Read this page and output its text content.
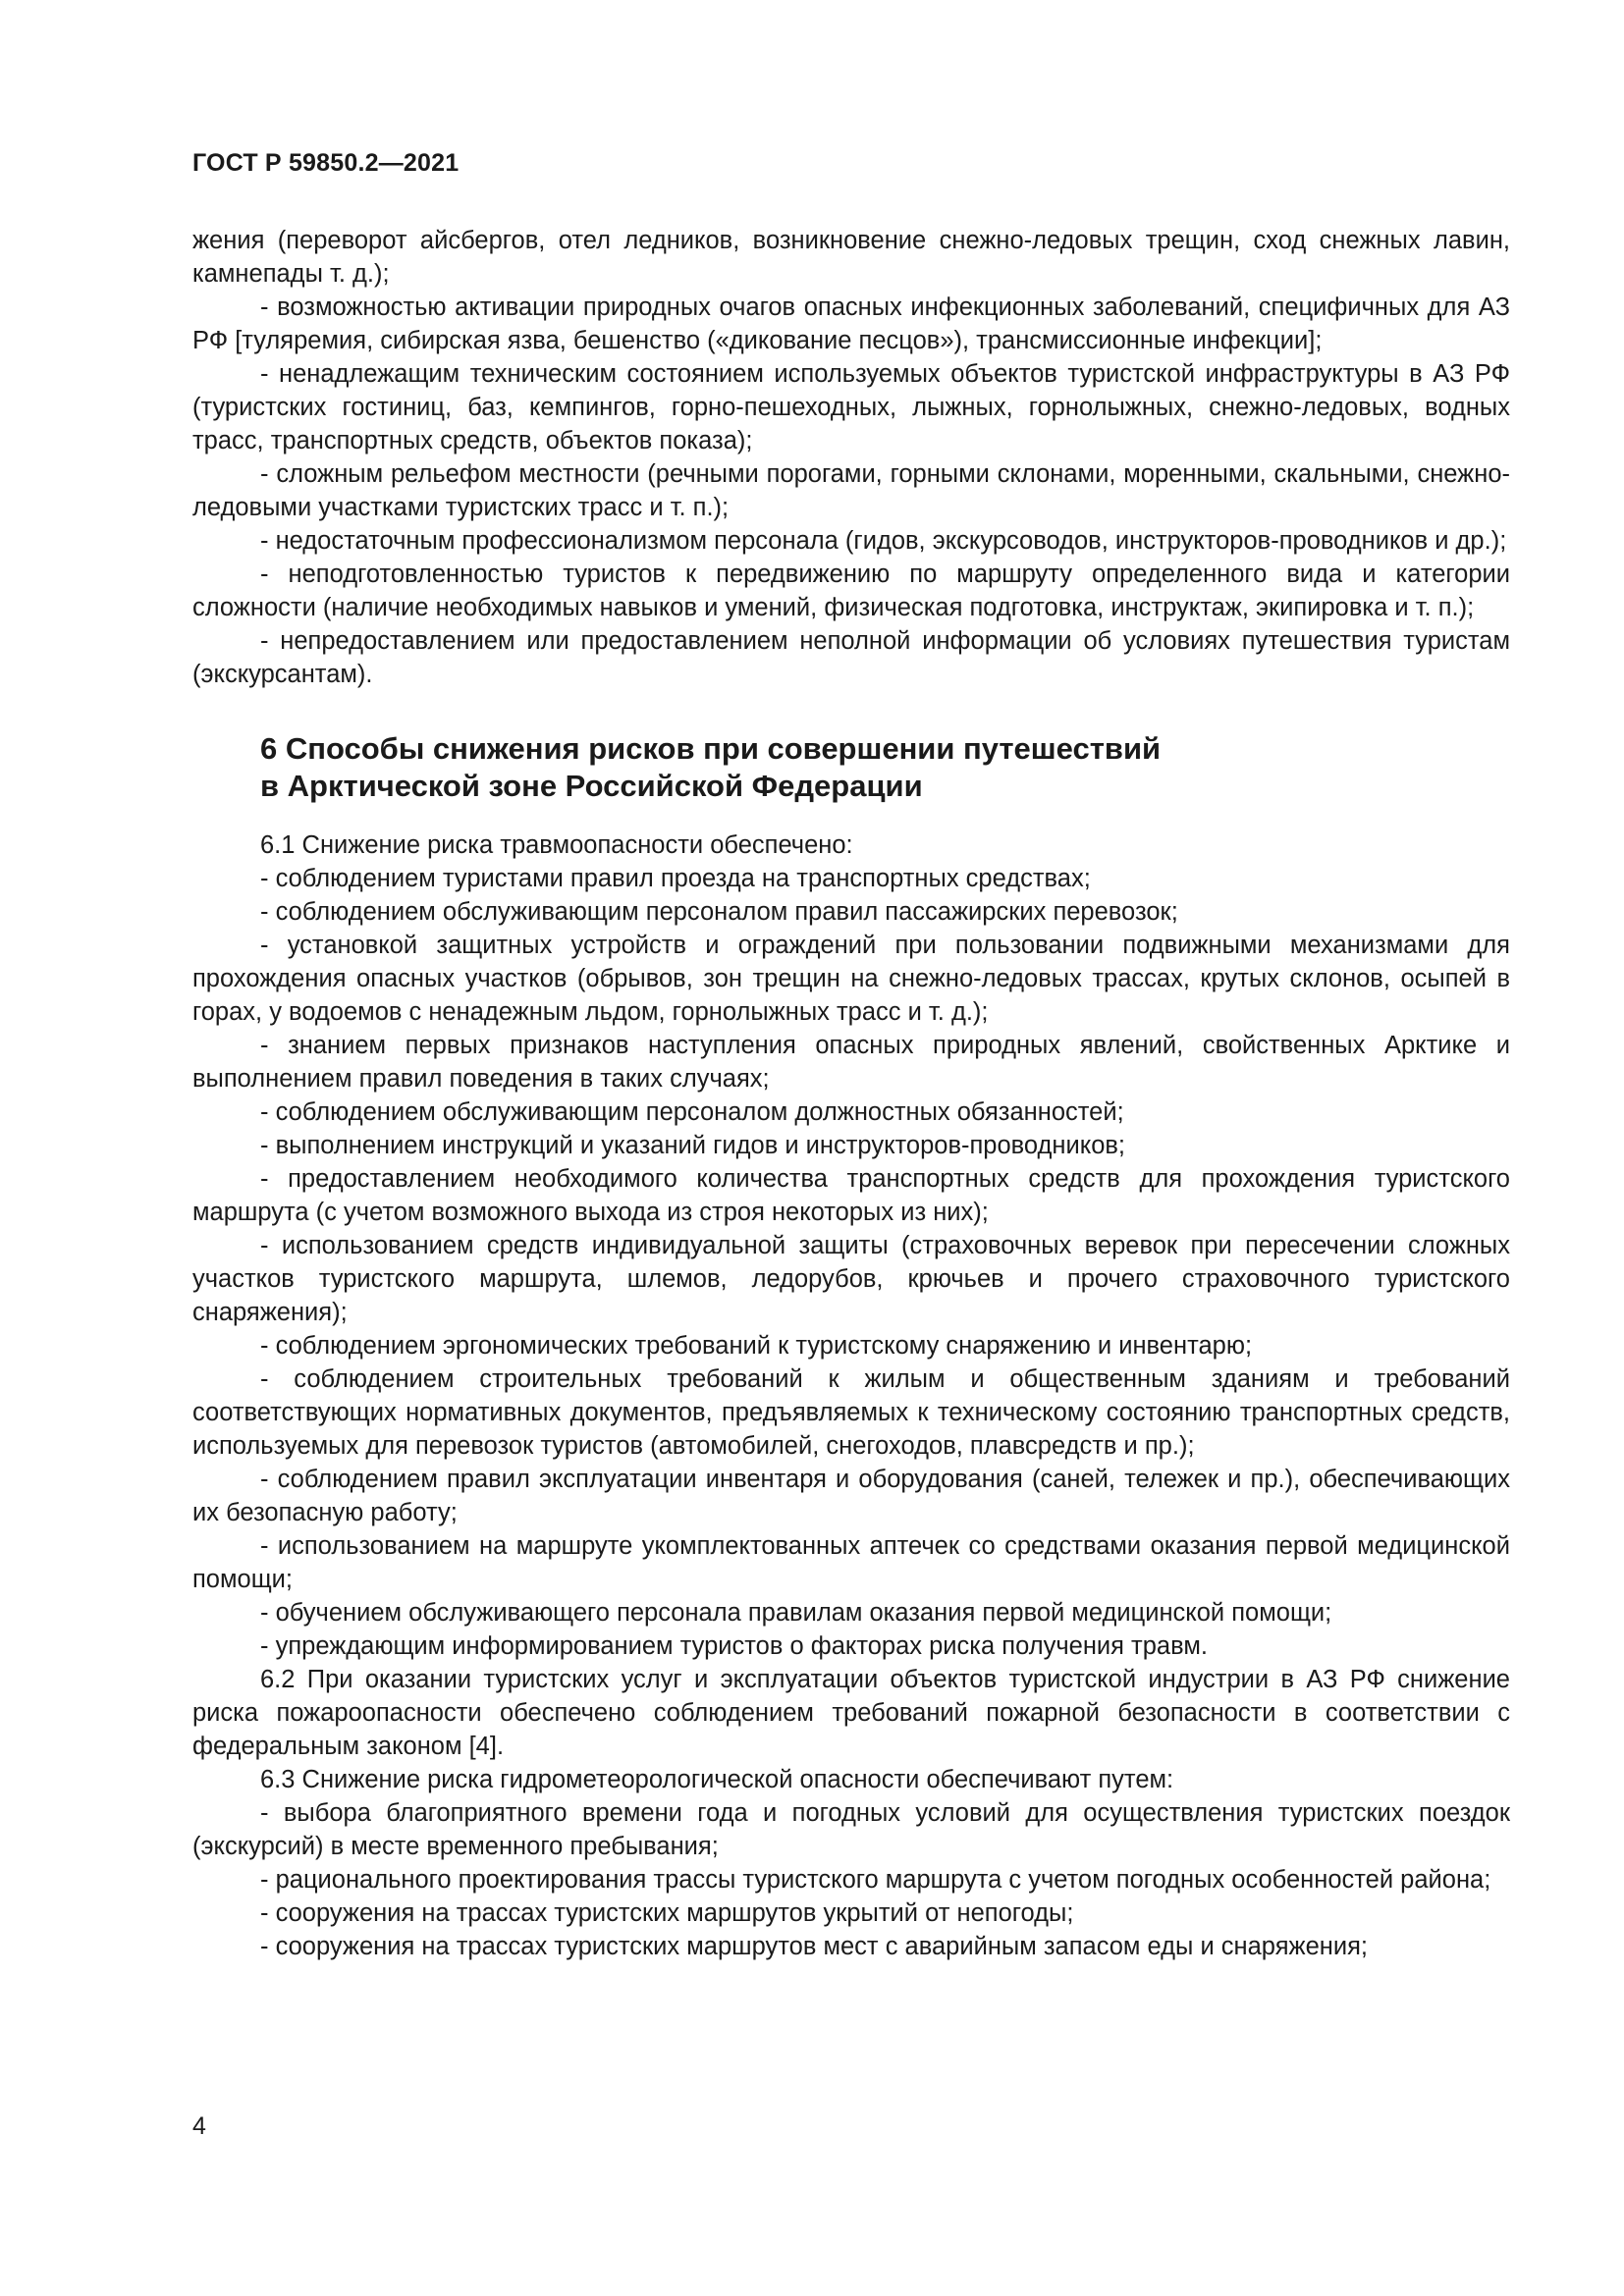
ГОСТ Р 59850.2—2021

жения (переворот айсбергов, отел ледников, возникновение снежно-ледовых трещин, сход снежных лавин, камнепады т. д.);

- возможностью активации природных очагов опасных инфекционных заболеваний, специфичных для АЗ РФ [туляремия, сибирская язва, бешенство («дикование песцов»), трансмиссионные инфекции];

- ненадлежащим техническим состоянием используемых объектов туристской инфраструктуры в АЗ РФ (туристских гостиниц, баз, кемпингов, горно-пешеходных, лыжных, горнолыжных, снежно-ледовых, водных трасс, транспортных средств, объектов показа);

- сложным рельефом местности (речными порогами, горными склонами, моренными, скальными, снежно-ледовыми участками туристских трасс и т. п.);

- недостаточным профессионализмом персонала (гидов, экскурсоводов, инструкторов-проводников и др.);

- неподготовленностью туристов к передвижению по маршруту определенного вида и категории сложности (наличие необходимых навыков и умений, физическая подготовка, инструктаж, экипировка и т. п.);

- непредоставлением или предоставлением неполной информации об условиях путешествия туристам (экскурсантам).

6 Способы снижения рисков при совершении путешествий
в Арктической зоне Российской Федерации

6.1 Снижение риска травмоопасности обеспечено:

- соблюдением туристами правил проезда на транспортных средствах;

- соблюдением обслуживающим персоналом правил пассажирских перевозок;

- установкой защитных устройств и ограждений при пользовании подвижными механизмами для прохождения опасных участков (обрывов, зон трещин на снежно-ледовых трассах, крутых склонов, осыпей в горах, у водоемов с ненадежным льдом, горнолыжных трасс и т. д.);

- знанием первых признаков наступления опасных природных явлений, свойственных Арктике и выполнением правил поведения в таких случаях;

- соблюдением обслуживающим персоналом должностных обязанностей;

- выполнением инструкций и указаний гидов и инструкторов-проводников;

- предоставлением необходимого количества транспортных средств для прохождения туристского маршрута (с учетом возможного выхода из строя некоторых из них);

- использованием средств индивидуальной защиты (страховочных веревок при пересечении сложных участков туристского маршрута, шлемов, ледорубов, крючьев и прочего страховочного туристского снаряжения);

- соблюдением эргономических требований к туристскому снаряжению и инвентарю;

- соблюдением строительных требований к жилым и общественным зданиям и требований соответствующих нормативных документов, предъявляемых к техническому состоянию транспортных средств, используемых для перевозок туристов (автомобилей, снегоходов, плавсредств и пр.);

- соблюдением правил эксплуатации инвентаря и оборудования (саней, тележек и пр.), обеспечивающих их безопасную работу;

- использованием на маршруте укомплектованных аптечек со средствами оказания первой медицинской помощи;

- обучением обслуживающего персонала правилам оказания первой медицинской помощи;

- упреждающим информированием туристов о факторах риска получения травм.

6.2 При оказании туристских услуг и эксплуатации объектов туристской индустрии в АЗ РФ снижение риска пожароопасности обеспечено соблюдением требований пожарной безопасности в соответствии с федеральным законом [4].

6.3 Снижение риска гидрометеорологической опасности обеспечивают путем:

- выбора благоприятного времени года и погодных условий для осуществления туристских поездок (экскурсий) в месте временного пребывания;

- рационального проектирования трассы туристского маршрута с учетом погодных особенностей района;

- сооружения на трассах туристских маршрутов укрытий от непогоды;

- сооружения на трассах туристских маршрутов мест с аварийным запасом еды и снаряжения;

4
